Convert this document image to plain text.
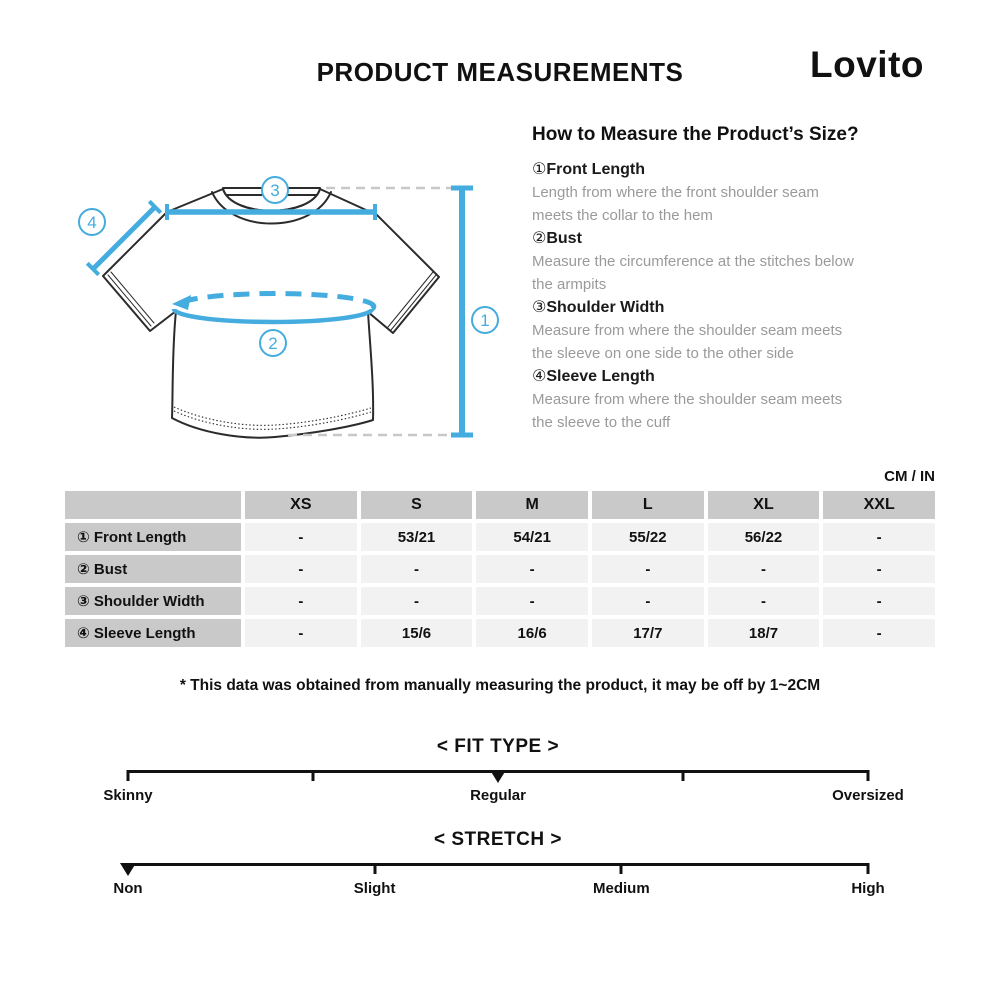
PRODUCT MEASUREMENTS	Lovito
3
4
2
1
How to Measure the Product’s Size?
①Front Length
Length from where the front shoulder seam meets the collar to the hem
②Bust
Measure the circumference at the stitches below the armpits
③Shoulder Width
Measure from where the shoulder seam meets the sleeve on one side to the other side
④Sleeve Length
Measure from where the shoulder seam meets the sleeve to the cuff
CM / IN
XS	S	M	L	XL	XXL
① Front Length	-	53/21	54/21	55/22	56/22	-
② Bust	-	-	-	-	-	-
③ Shoulder Width	-	-	-	-	-	-
④ Sleeve Length	-	15/6	16/6	17/7	18/7	-
* This data was obtained from manually measuring the product, it may be off by 1~2CM
< FIT TYPE >
Skinny	Regular	Oversized
< STRETCH >
Non	Slight	Medium	High
